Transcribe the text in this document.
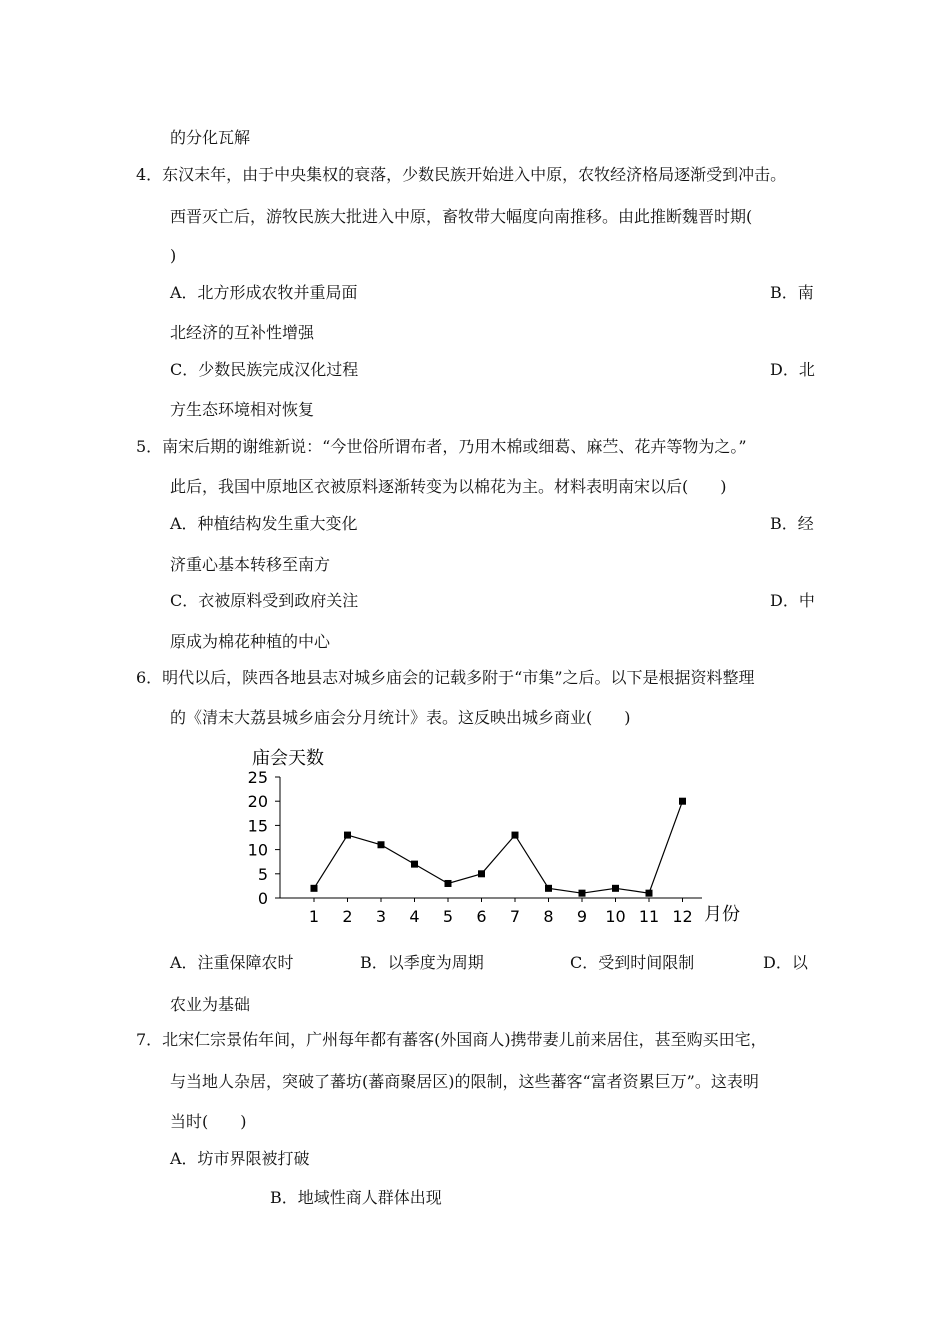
的分化瓦解
4．东汉末年，由于中央集权的衰落，少数民族开始进入中原，农牧经济格局逐渐受到冲击。
西晋灭亡后，游牧民族大批进入中原，畜牧带大幅度向南推移。由此推断魏晋时期(
)
A．北方形成农牧并重局面	B．南
北经济的互补性增强
C．少数民族完成汉化过程	D．北
方生态环境相对恢复
5．南宋后期的谢维新说：“今世俗所谓布者，乃用木棉或细葛、麻苎、花卉等物为之。”
此后，我国中原地区衣被原料逐渐转变为以棉花为主。材料表明南宋以后(　　)
A．种植结构发生重大变化	B．经
济重心基本转移至南方
C．衣被原料受到政府关注	D．中
原成为棉花种植的中心
6．明代以后，陕西各地县志对城乡庙会的记载多附于“市集”之后。以下是根据资料整理
的《清末大荔县城乡庙会分月统计》表。这反映出城乡商业(　　)
庙会天数
月份
0
5
10
15
20
25
1 2 3 4 5 6 7 8 9 10 11 12
A．注重保障农时	B．以季度为周期	C．受到时间限制	D．以
农业为基础
7．北宋仁宗景佑年间，广州每年都有蕃客(外国商人)携带妻儿前来居住，甚至购买田宅，
与当地人杂居，突破了蕃坊(蕃商聚居区)的限制，这些蕃客“富者资累巨万”。这表明
当时(　　)
A．坊市界限被打破
B．地域性商人群体出现
